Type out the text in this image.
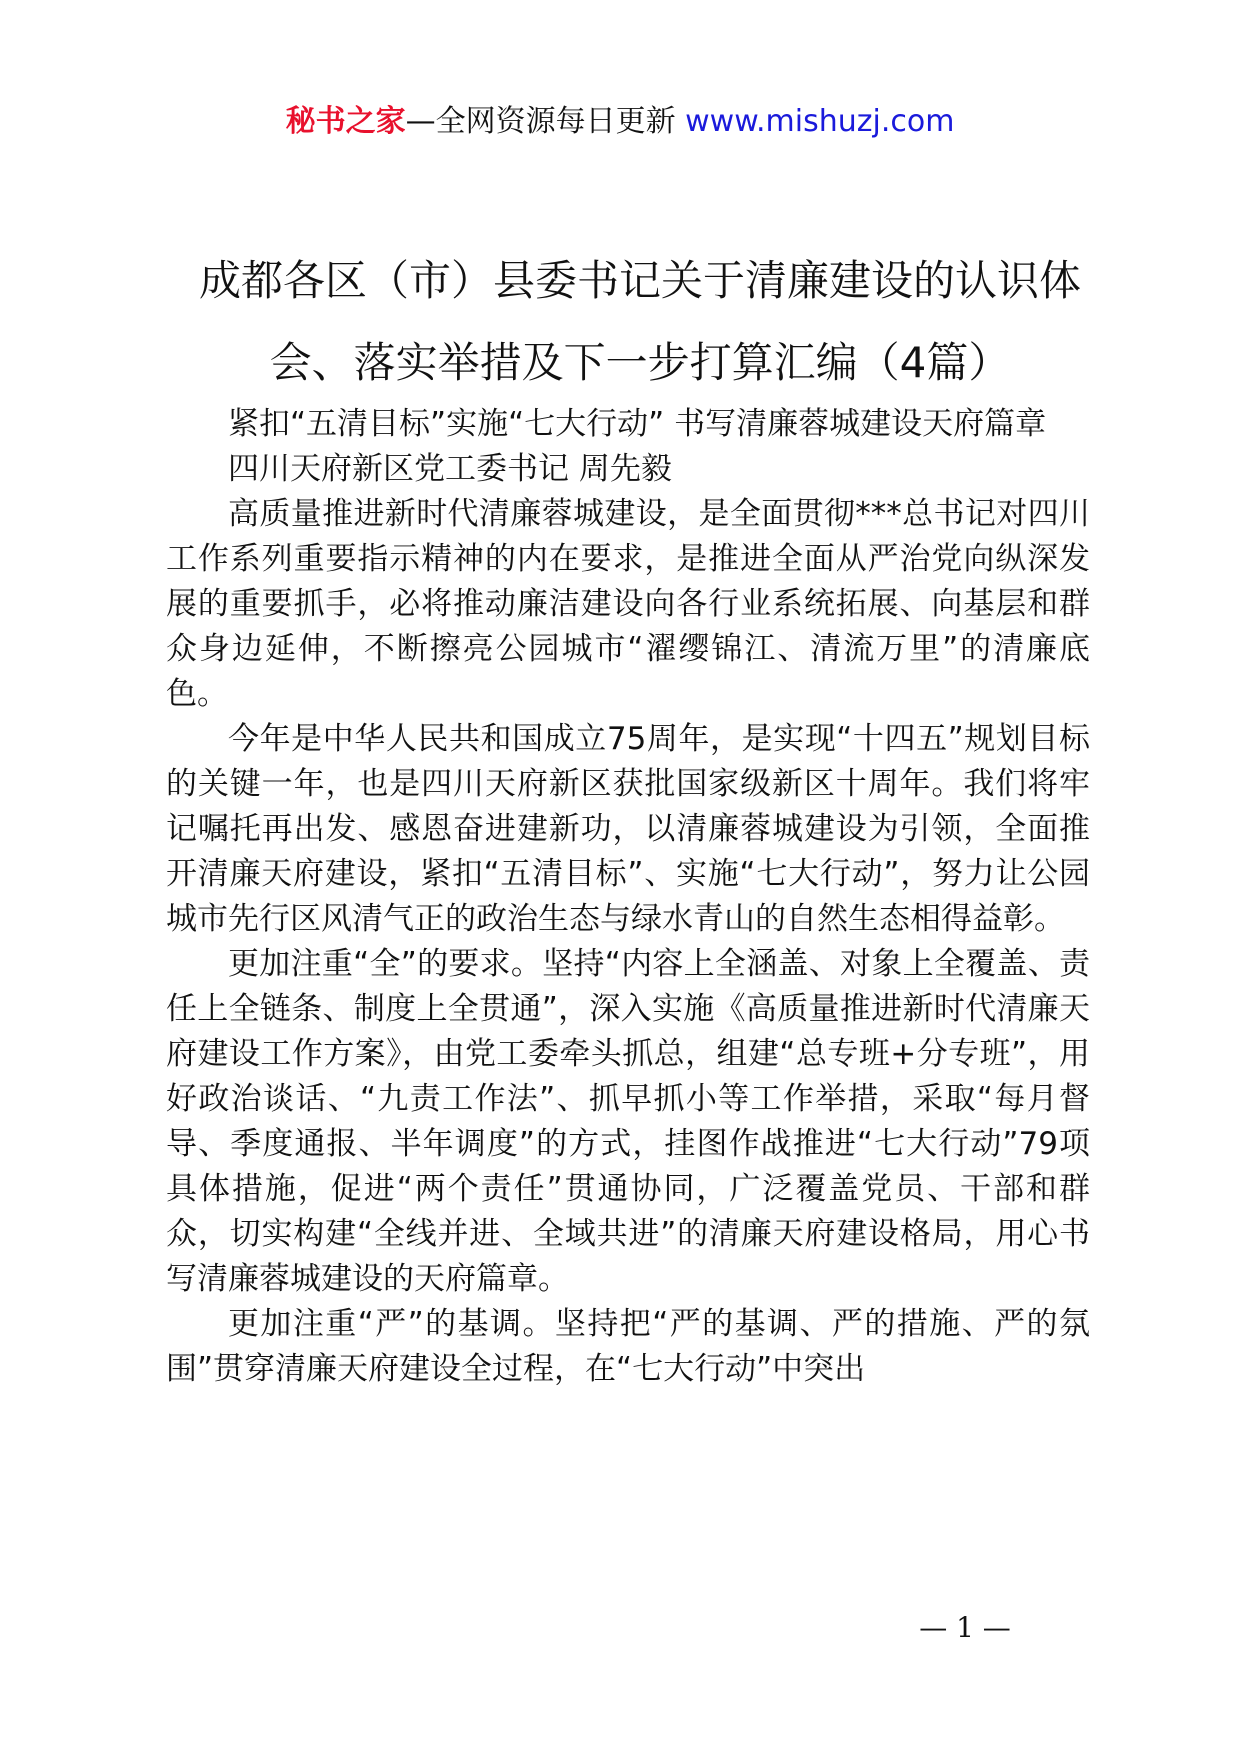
秘书之家—全网资源每日更新 www.mishuzj.com
成都各区（市）县委书记关于清廉建设的认识体会、落实举措及下一步打算汇编（4篇）

紧扣“五清目标”实施“七大行动” 书写清廉蓉城建设天府篇章

四川天府新区党工委书记 周先毅

高质量推进新时代清廉蓉城建设，是全面贯彻***总书记对四川工作系列重要指示精神的内在要求，是推进全面从严治党向纵深发展的重要抓手，必将推动廉洁建设向各行业系统拓展、向基层和群众身边延伸，不断擦亮公园城市“濯缨锦江、清流万里”的清廉底色。

今年是中华人民共和国成立75周年，是实现“十四五”规划目标的关键一年，也是四川天府新区获批国家级新区十周年。我们将牢记嘱托再出发、感恩奋进建新功，以清廉蓉城建设为引领，全面推开清廉天府建设，紧扣“五清目标”、实施“七大行动”，努力让公园城市先行区风清气正的政治生态与绿水青山的自然生态相得益彰。

更加注重“全”的要求。坚持“内容上全涵盖、对象上全覆盖、责任上全链条、制度上全贯通”，深入实施《高质量推进新时代清廉天府建设工作方案》，由党工委牵头抓总，组建“总专班+分专班”，用好政治谈话、“九责工作法”、抓早抓小等工作举措，采取“每月督导、季度通报、半年调度”的方式，挂图作战推进“七大行动”79项具体措施，促进“两个责任”贯通协同，广泛覆盖党员、干部和群众，切实构建“全线并进、全域共进”的清廉天府建设格局，用心书写清廉蓉城建设的天府篇章。

更加注重“严”的基调。坚持把“严的基调、严的措施、严的氛围”贯穿清廉天府建设全过程，在“七大行动”中突出

— 1 —
